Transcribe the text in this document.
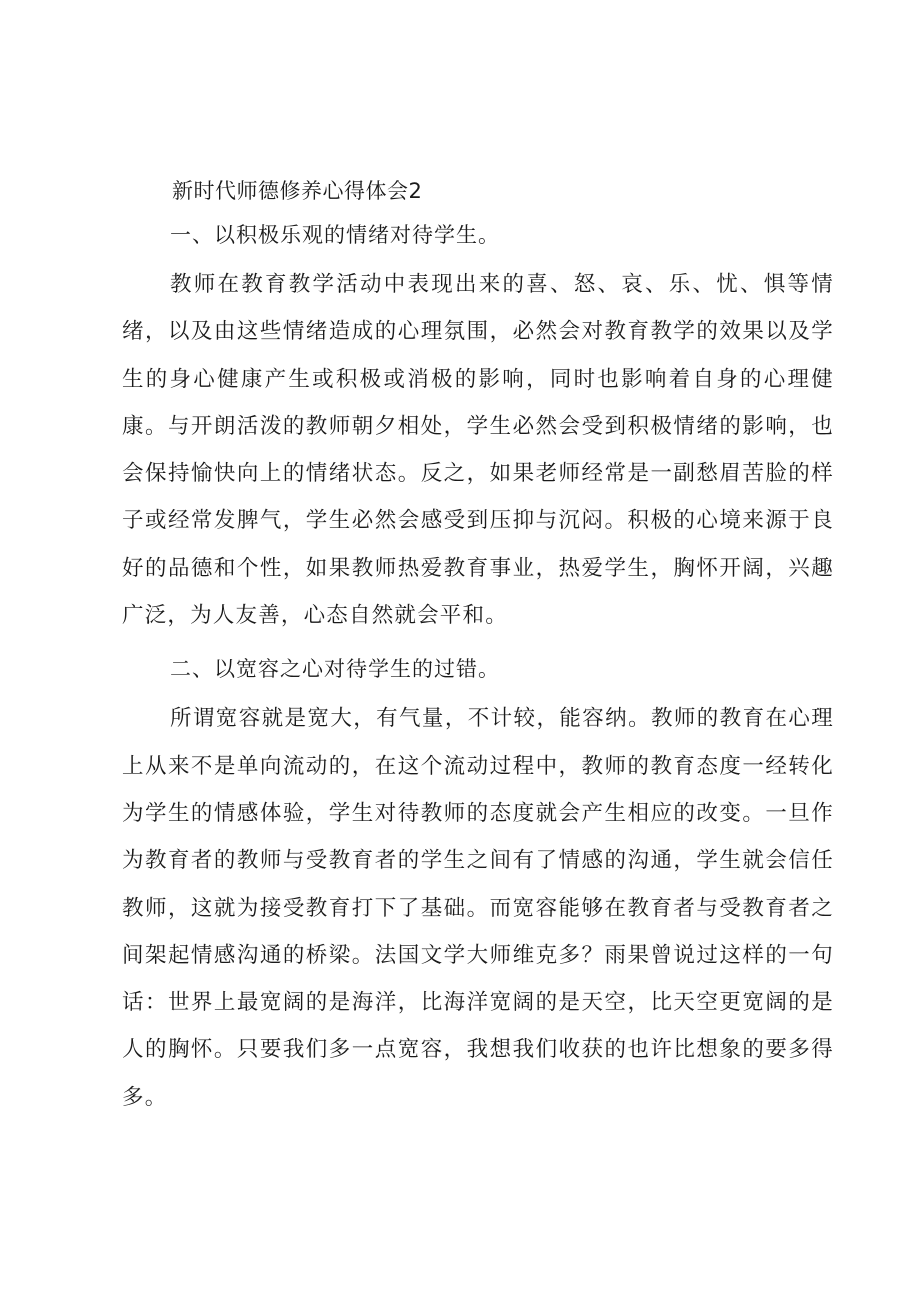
新时代师德修养心得体会2
一、以积极乐观的情绪对待学生。

教师在教育教学活动中表现出来的喜、怒、哀、乐、忧、惧等情绪，以及由这些情绪造成的心理氛围，必然会对教育教学的效果以及学生的身心健康产生或积极或消极的影响，同时也影响着自身的心理健康。与开朗活泼的教师朝夕相处，学生必然会受到积极情绪的影响，也会保持愉快向上的情绪状态。反之，如果老师经常是一副愁眉苦脸的样子或经常发脾气，学生必然会感受到压抑与沉闷。积极的心境来源于良好的品德和个性，如果教师热爱教育事业，热爱学生，胸怀开阔，兴趣广泛，为人友善，心态自然就会平和。

二、以宽容之心对待学生的过错。

所谓宽容就是宽大，有气量，不计较，能容纳。教师的教育在心理上从来不是单向流动的，在这个流动过程中，教师的教育态度一经转化为学生的情感体验，学生对待教师的态度就会产生相应的改变。一旦作为教育者的教师与受教育者的学生之间有了情感的沟通，学生就会信任教师，这就为接受教育打下了基础。而宽容能够在教育者与受教育者之间架起情感沟通的桥梁。法国文学大师维克多？雨果曾说过这样的一句话：世界上最宽阔的是海洋，比海洋宽阔的是天空，比天空更宽阔的是人的胸怀。只要我们多一点宽容，我想我们收获的也许比想象的要多得多。
